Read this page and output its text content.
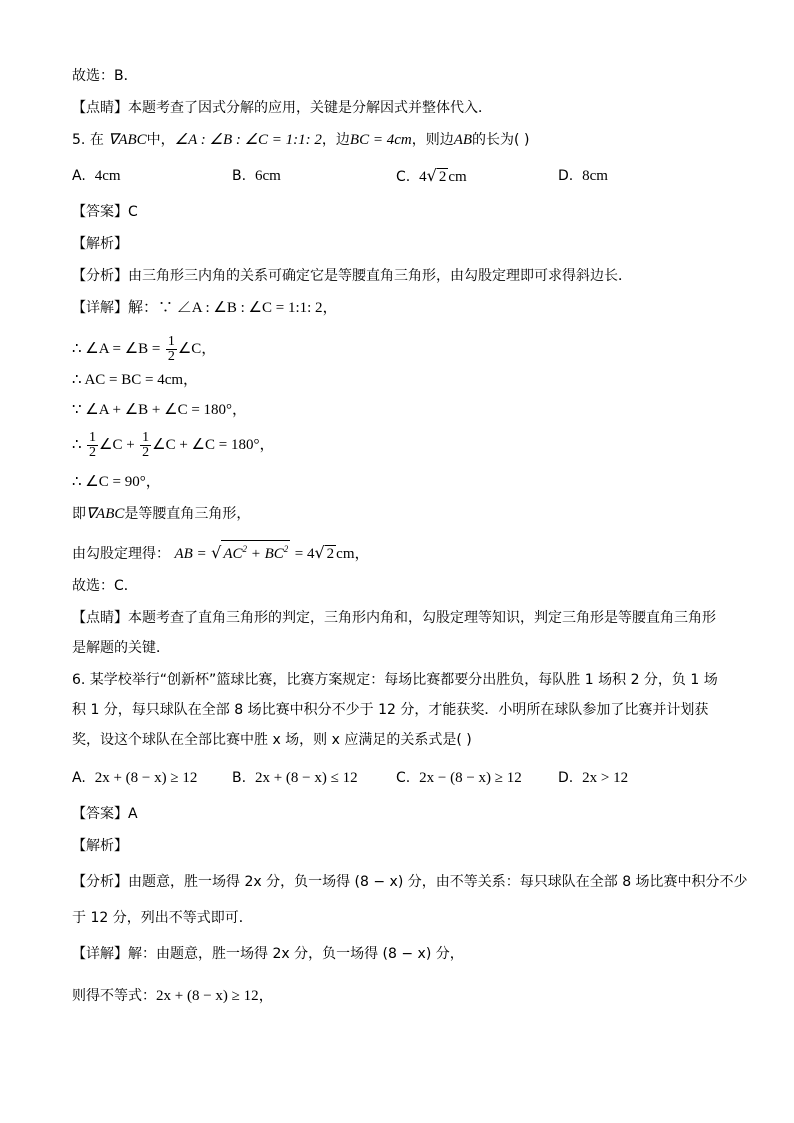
故选：B．
【点睛】本题考查了因式分解的应用，关键是分解因式并整体代入．
5. 在 ∇ABC中，∠A : ∠B : ∠C = 1:1: 2，边BC = 4cm，则边AB的长为( )
A. 4cm	B. 6cm	C. 4√ 2 cm	D. 8cm
【答案】C
【解析】
【分析】由三角形三内角的关系可确定它是等腰直角三角形，由勾股定理即可求得斜边长．
【详解】解：∵ ∠A : ∠B : ∠C = 1:1: 2，
∴ ∠A = ∠B = $\frac{1}{2}$ ∠C，
∴ AC = BC = 4cm，
∵ ∠A + ∠B + ∠C = 180°，
∴ $\frac{1}{2}$ ∠C + $\frac{1}{2}$ ∠C + ∠C = 180°，
∴ ∠C = 90°，
即∇ABC是等腰直角三角形，
由勾股定理得： AB = √ $AC^2 + BC^2 = 4√$ 2 cm，
故选：C．
【点睛】本题考查了直角三角形的判定，三角形内角和，勾股定理等知识，判定三角形是等腰直角三角形
是解题的关键．
6. 某学校举行“创新杯”篮球比赛，比赛方案规定：每场比赛都要分出胜负，每队胜 1 场积 2 分，负 1 场
积 1 分，每只球队在全部 8 场比赛中积分不少于 12 分，才能获奖．小明所在球队参加了比赛并计划获
奖，设这个球队在全部比赛中胜 x 场，则 x 应满足的关系式是( )
A. 2x + (8 − x) ≥ 12 B. 2x + (8 − x) ≤ 12	C. 2x − (8 − x) ≥ 12	D. 2x > 12
【答案】A
【解析】
【分析】由题意，胜一场得 2x 分，负一场得 (8 − x) 分，由不等关系：每只球队在全部 8 场比赛中积分不少
于 12 分，列出不等式即可．
【详解】解：由题意，胜一场得 2x 分，负一场得 (8 − x) 分，
则得不等式：2x + (8 − x) ≥ 12，
